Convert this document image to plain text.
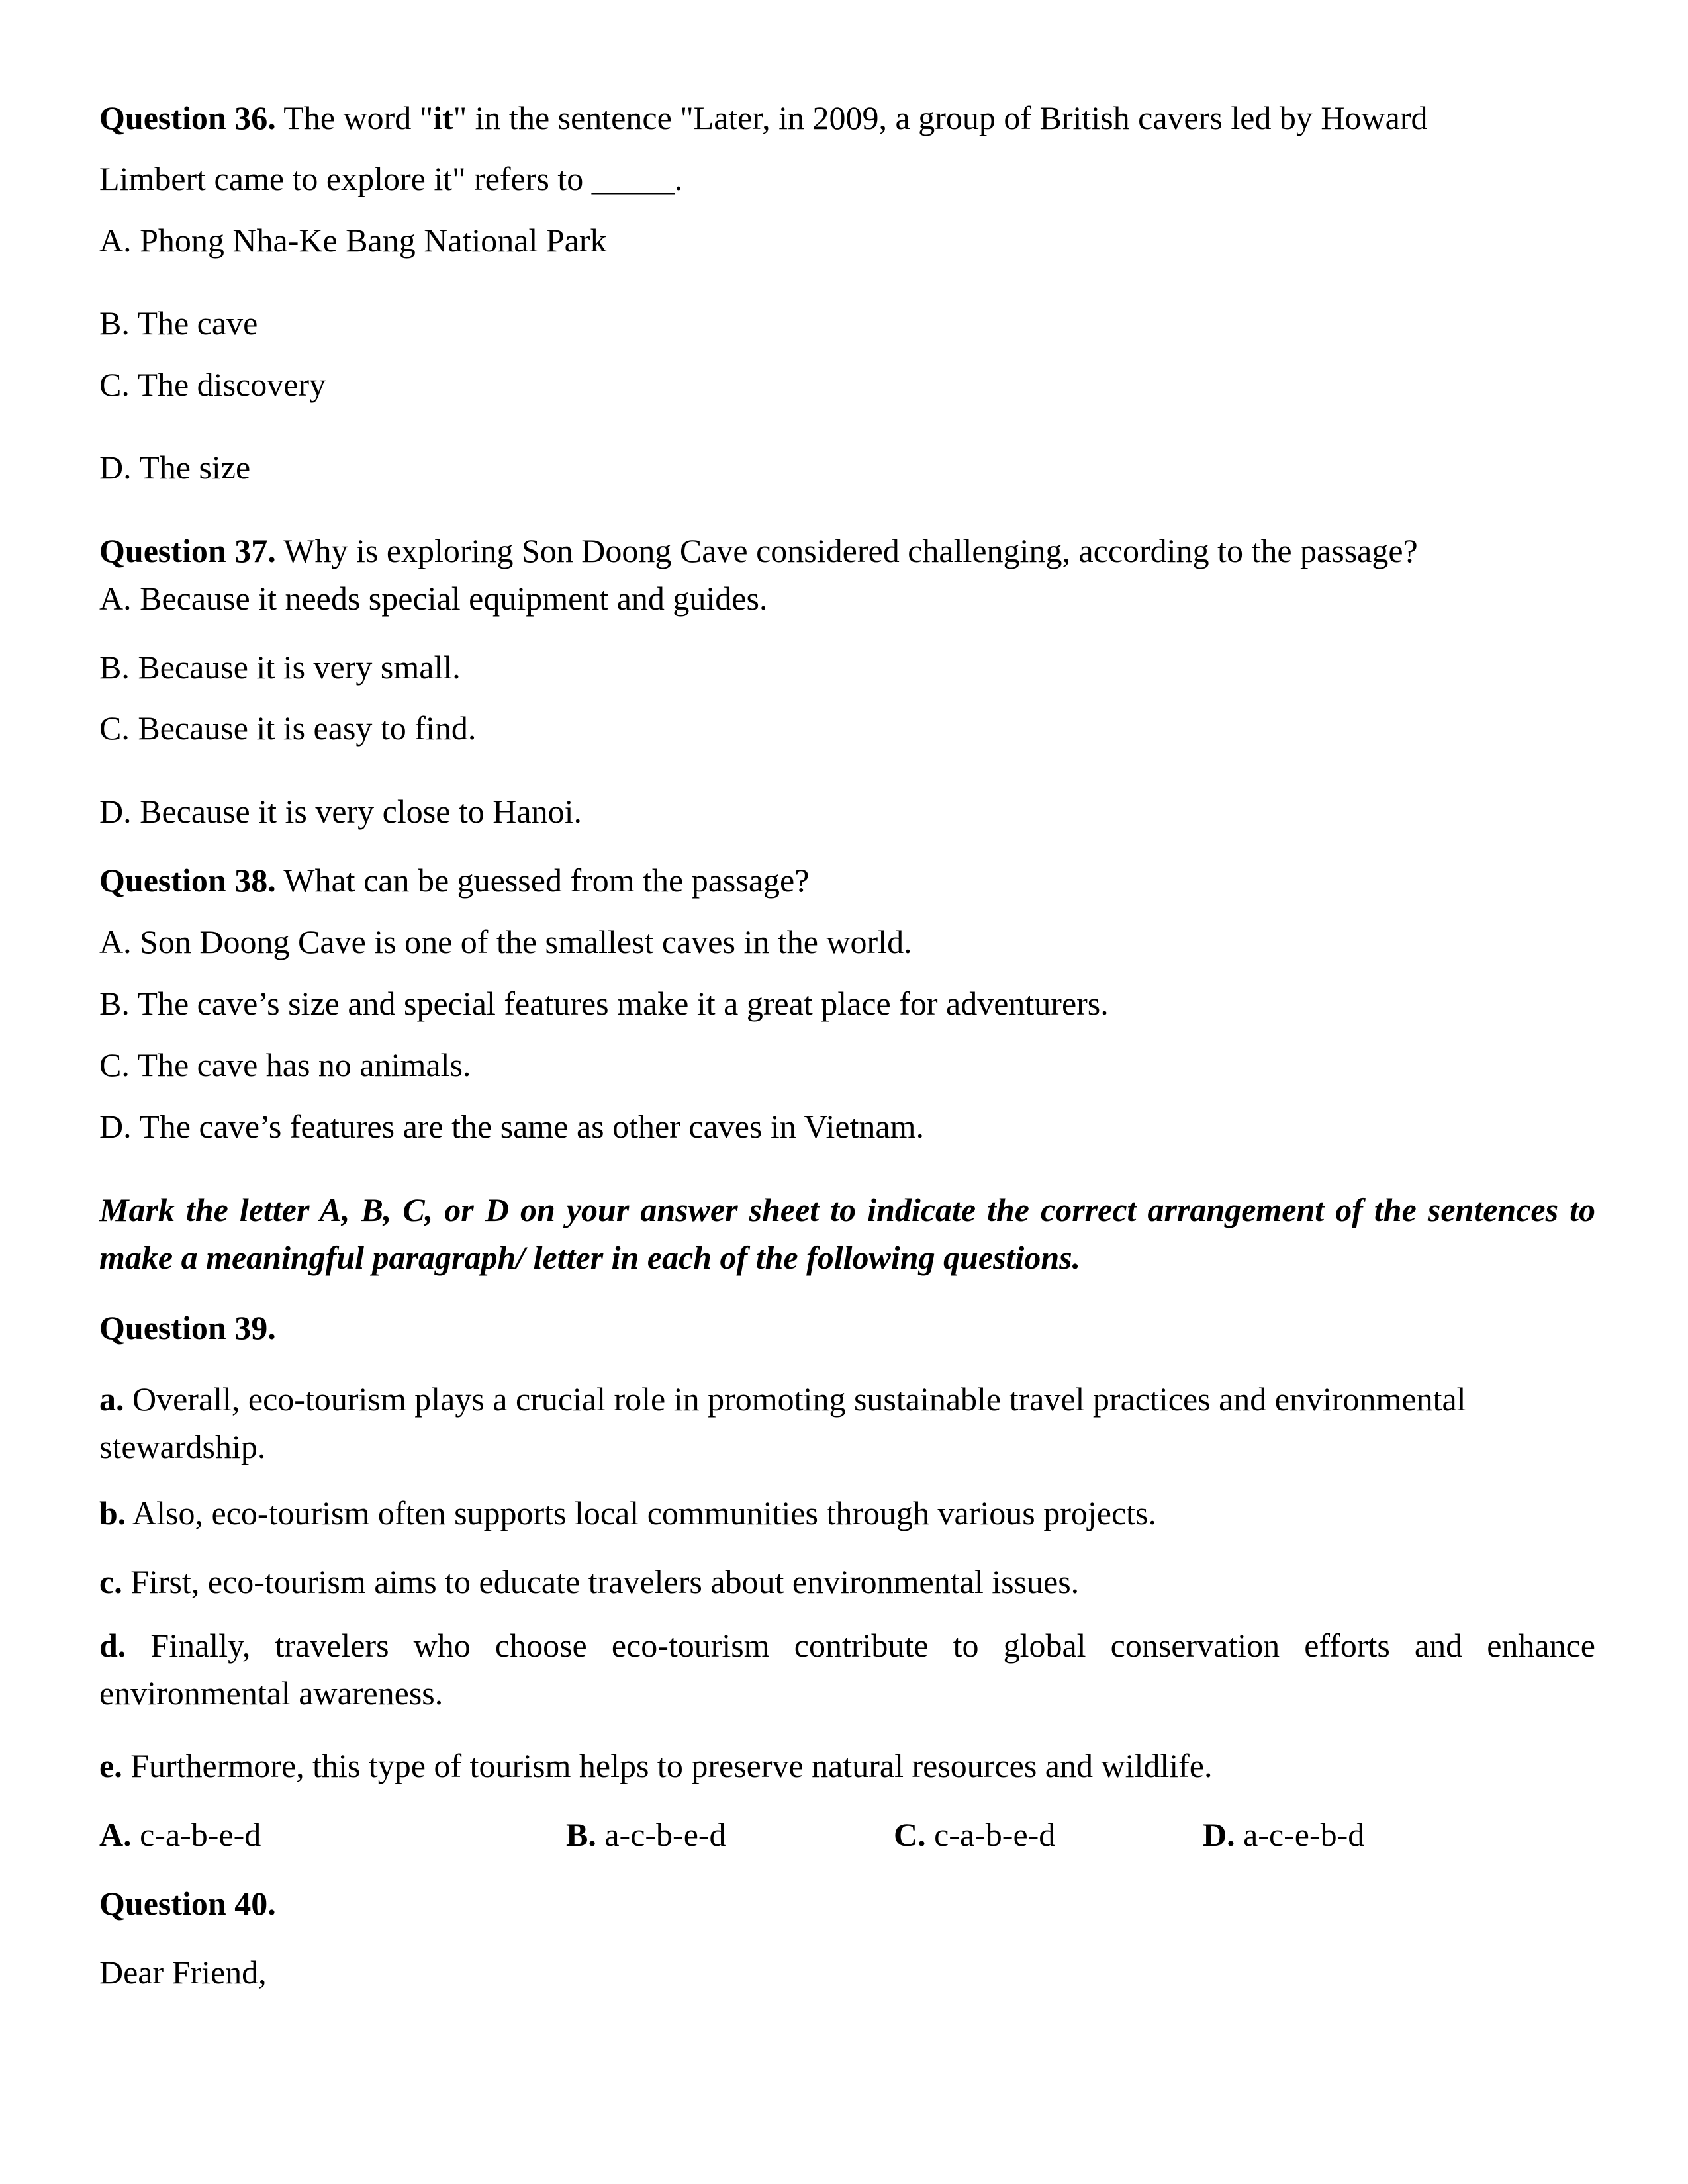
Question 36. The word "it" in the sentence "Later, in 2009, a group of British cavers led by Howard
Limbert came to explore it" refers to _____.
A. Phong Nha-Ke Bang National Park
B. The cave
C. The discovery
D. The size
Question 37. Why is exploring Son Doong Cave considered challenging, according to the passage?
A. Because it needs special equipment and guides.
B. Because it is very small.
C. Because it is easy to find.
D. Because it is very close to Hanoi.
Question 38. What can be guessed from the passage?
A. Son Doong Cave is one of the smallest caves in the world.
B. The cave’s size and special features make it a great place for adventurers.
C. The cave has no animals.
D. The cave’s features are the same as other caves in Vietnam.
Mark the letter A, B, C, or D on your answer sheet to indicate the correct arrangement of the sentences to make a meaningful paragraph/ letter in each of the following questions.
Question 39.
a. Overall, eco-tourism plays a crucial role in promoting sustainable travel practices and environmental stewardship.
b. Also, eco-tourism often supports local communities through various projects.
c. First, eco-tourism aims to educate travelers about environmental issues.
d. Finally, travelers who choose eco-tourism contribute to global conservation efforts and enhance environmental awareness.
e. Furthermore, this type of tourism helps to preserve natural resources and wildlife.
A. c-a-b-e-d	B. a-c-b-e-d	C. c-a-b-e-d	D. a-c-e-b-d
Question 40.
Dear Friend,
